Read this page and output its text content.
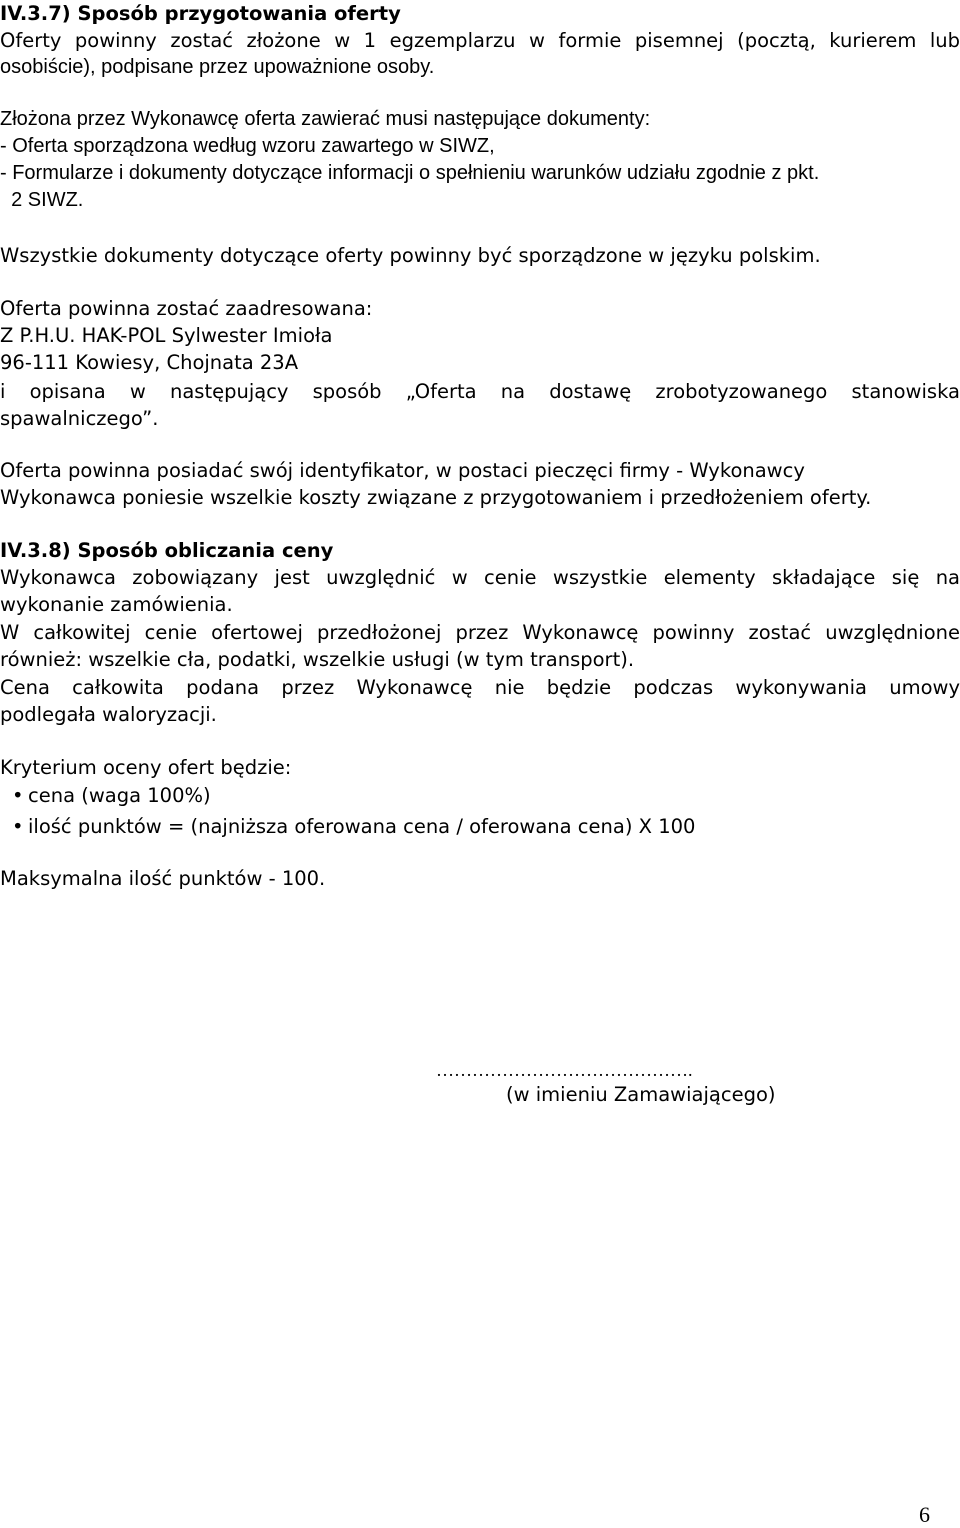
IV.3.7) Sposób przygotowania oferty
Oferty powinny zostać złożone w 1 egzemplarzu w formie pisemnej (pocztą, kurierem lub
osobiście), podpisane przez upoważnione osoby.
Złożona przez Wykonawcę oferta zawierać musi następujące dokumenty:
- Oferta sporządzona według wzoru zawartego w SIWZ,
- Formularze i dokumenty dotyczące informacji o spełnieniu warunków udziału zgodnie z pkt.
2 SIWZ.
Wszystkie dokumenty dotyczące oferty powinny być sporządzone w języku polskim.
Oferta powinna zostać zaadresowana:
Z P.H.U. HAK-POL Sylwester Imioła
96-111 Kowiesy, Chojnata 23A
i opisana w następujący sposób „Oferta na dostawę zrobotyzowanego stanowiska
spawalniczego”.
Oferta powinna posiadać swój identyfikator, w postaci pieczęci firmy - Wykonawcy
Wykonawca poniesie wszelkie koszty związane z przygotowaniem i przedłożeniem oferty.
IV.3.8) Sposób obliczania ceny
Wykonawca zobowiązany jest uwzględnić w cenie wszystkie elementy składające się na
wykonanie zamówienia.
W całkowitej cenie ofertowej przedłożonej przez Wykonawcę powinny zostać uwzględnione
również: wszelkie cła, podatki, wszelkie usługi (w tym transport).
Cena całkowita podana przez Wykonawcę nie będzie podczas wykonywania umowy
podlegała waloryzacji.
Kryterium oceny ofert będzie:
• cena (waga 100%)
• ilość punktów = (najniższa oferowana cena / oferowana cena) X 100
Maksymalna ilość punktów - 100.
…………………………………….
(w imieniu Zamawiającego)
6
